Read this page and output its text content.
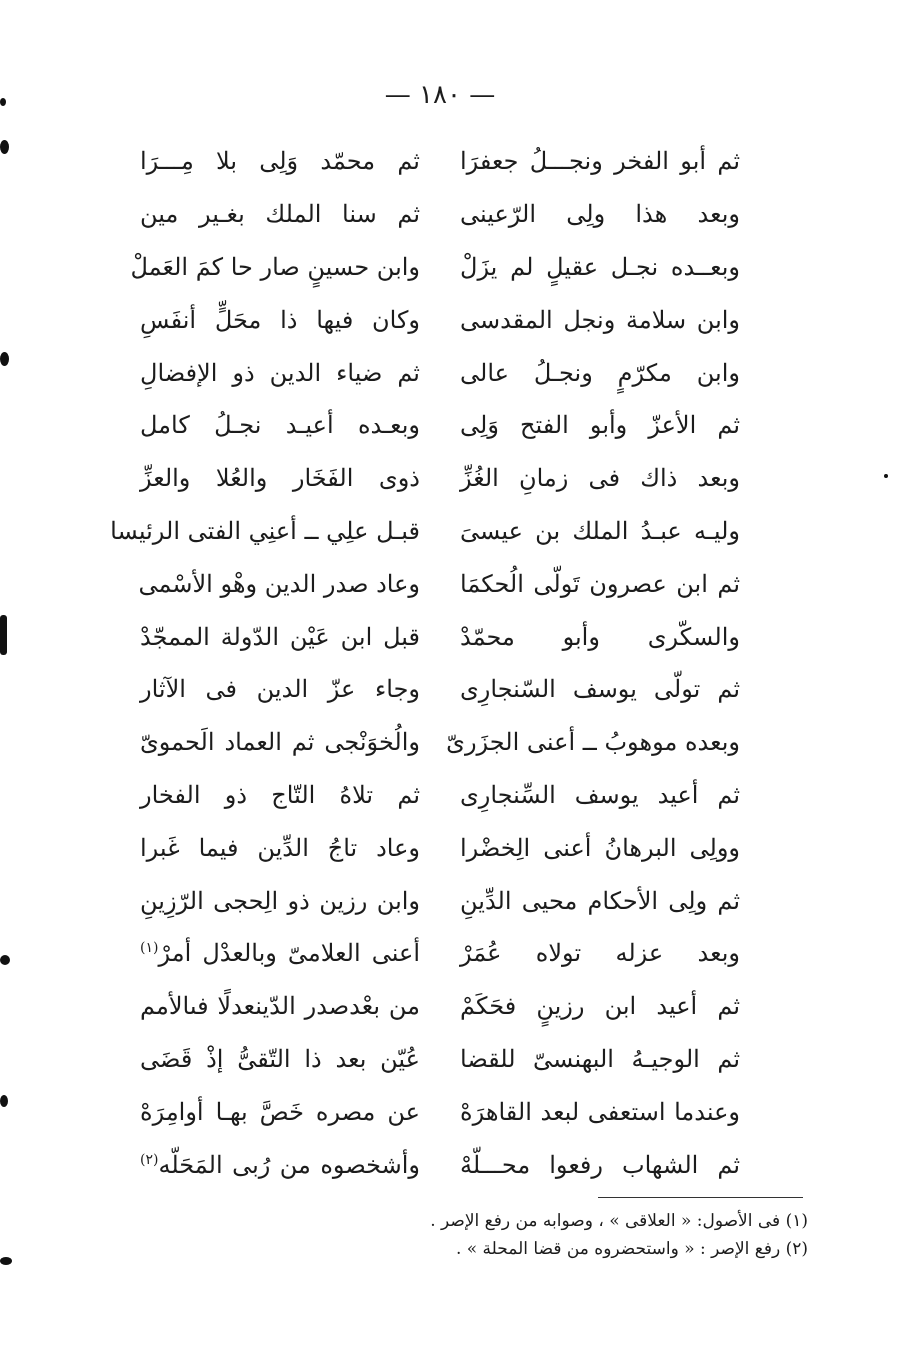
— ١٨٠ —
ثم أبو الفخر ونجـــلُ جعفرَا
ثم محمّد وَلِى بلا مِـــرَا
وبعد هذا ولِى الرّعينى
ثم سنا الملك بغـير مين
وبعــده نجـل عقيلٍ لم يزَلْ
وابن حسينٍ صار حا كمَ العَملْ
وابن سلامة ونجل المقدسى
وكان فيها ذا محَلٍّ أنفَسِ
وابن مكرّمٍ ونجـلُ عالى
ثم ضياء الدين ذو الإفضالِ
ثم الأعزّ وأبو الفتح وَلِى
وبعـده أعيـد نجـلُ كامل
وبعد ذاك فى زمانِ الغُزِّ
ذوى الفَخَار والعُلا والعزِّ
وليـه عبـدُ الملك بن عيسىَ
قبـل علِي ــ أعنِي الفتى الرئيسا
ثم ابن عصرون تَولّى الُحكمَا
وعاد صدر الدين وهْو الأسْمى
والسكّرى وأبو محمّدْ
قبل ابن عَيْن الدّولة الممجّدْ
ثم تولّى يوسف السّنجارِى
وجاء عزّ الدين فى الآثار
وبعده موهوبُ ــ أعنى الجزَرىّ
والُخوَنْجى ثم العماد الَحموىّ
ثم أعيد يوسف السِّنجارِى
ثم تلاهُ التّاج ذو الفخار
وولِى البرهانُ أعنى الِخضْرا
وعاد تاجُ الدِّين فيما غَبرا
ثم ولِى الأحكام محيى الدِّينِ
وابن رزين ذو الِحجى الرّزِينِ
وبعد عزله تولاه عُمَرْ
أعنى العلامىّ وبالعدْل أمرْ$^{(١)}$
ثم أعيد ابن رزينٍ فحَكَمْ
من بعْدصدر الدّينعدلًا فىالأمم
ثم الوجيـهُ البهنسىّ للقضا
عُيّن بعد ذا التّقىُّ إذْ قَضَى
وعندما استعفى لبعد القاهرَهْ
عن مصره خَصَّ بهـا أوامِرَهْ
ثم الشهاب رفعوا محـــلّهْ
وأشخصوه من رُبى المَحَلّه$^{(٢)}$
(١) فى الأصول: « العلاقى » ، وصوابه من رفع الإصر .
(٢) رفع الإصر : « واستحضروه من قضا المحلة » .
